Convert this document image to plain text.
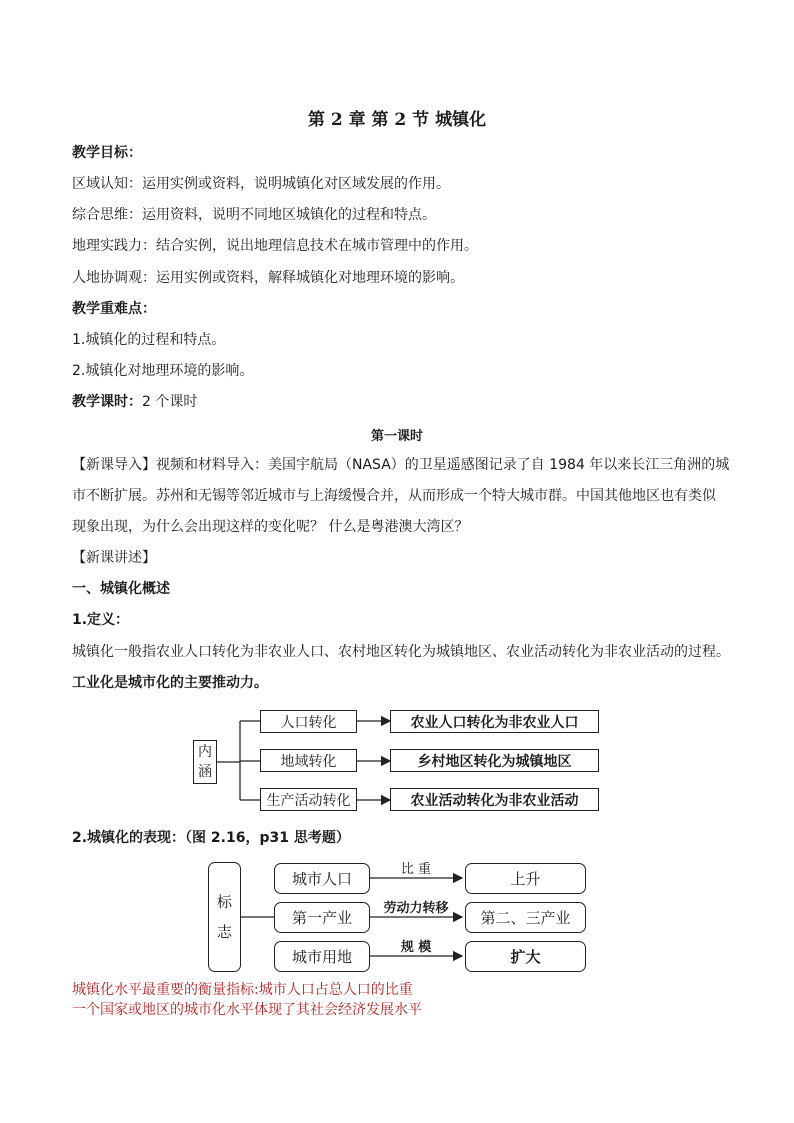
第 2 章 第 2 节 城镇化
教学目标：
区域认知：运用实例或资料，说明城镇化对区域发展的作用。
综合思维：运用资料，说明不同地区城镇化的过程和特点。
地理实践力：结合实例，说出地理信息技术在城市管理中的作用。
人地协调观：运用实例或资料，解释城镇化对地理环境的影响。
教学重难点：
1.城镇化的过程和特点。
2.城镇化对地理环境的影响。
教学课时：2 个课时
第一课时
【新课导入】视频和材料导入：美国宇航局（NASA）的卫星遥感图记录了自 1984 年以来长江三角洲的城
市不断扩展。苏州和无锡等邻近城市与上海缓慢合并，从而形成一个特大城市群。中国其他地区也有类似
现象出现，为什么会出现这样的变化呢？ 什么是粤港澳大湾区？
【新课讲述】
一、城镇化概述
1.定义：
城镇化一般指农业人口转化为非农业人口、农村地区转化为城镇地区、农业活动转化为非农业活动的过程。
工业化是城市化的主要推动力。
内
涵
人口转化
地域转化
生产活动转化
农业人口转化为非农业人口
乡村地区转化为城镇地区
农业活动转化为非农业活动
2.城镇化的表现：（图 2.16，p31 思考题）
标
志
城市人口
第一产业
城市用地
比 重
劳动力转移
规 模
上升
第二、三产业
扩大
城镇化水平最重要的衡量指标:城市人口占总人口的比重
一个国家或地区的城市化水平体现了其社会经济发展水平
